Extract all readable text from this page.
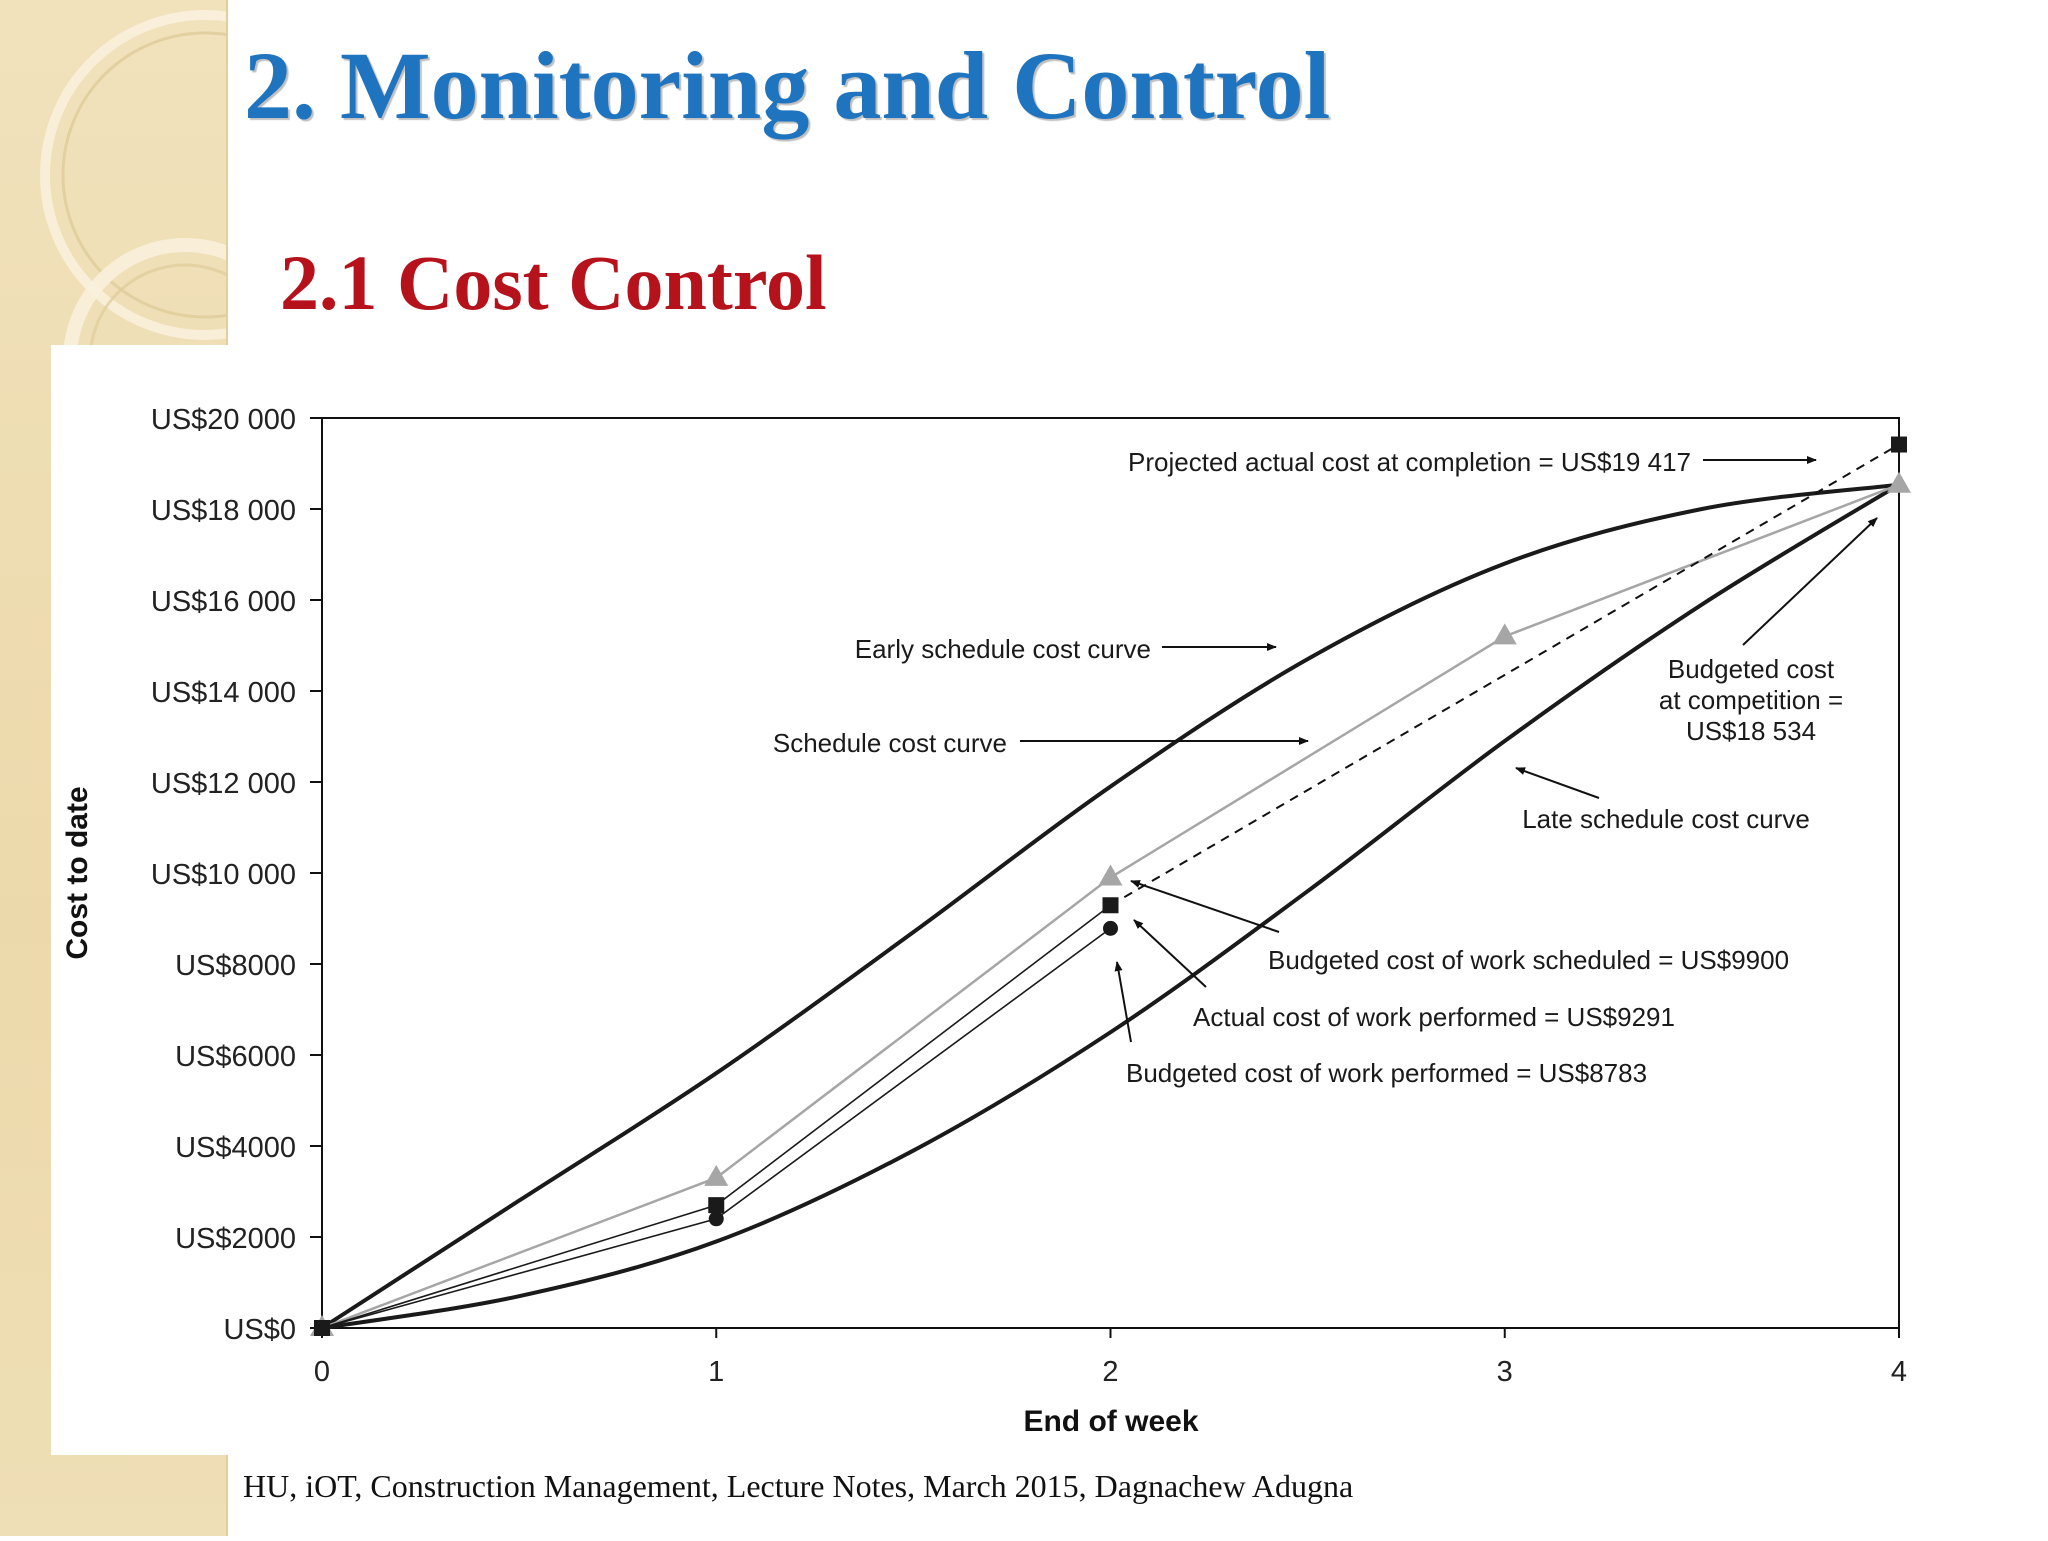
2. Monitoring and Control
2.1 Cost Control
US$0
US$2000
US$4000
US$6000
US$8000
US$10 000
US$12 000
US$14 000
US$16 000
US$18 000
US$20 000
0	1	2	3	4
Cost to date
End of week
Projected actual cost at completion = US$19 417
Early schedule cost curve
Schedule cost curve
Budgeted cost
at competition =
US$18 534
Late schedule cost curve
Budgeted cost of work scheduled = US$9900
Actual cost of work performed = US$9291
Budgeted cost of work performed = US$8783
HU, iOT, Construction Management, Lecture Notes, March 2015, Dagnachew Adugna
